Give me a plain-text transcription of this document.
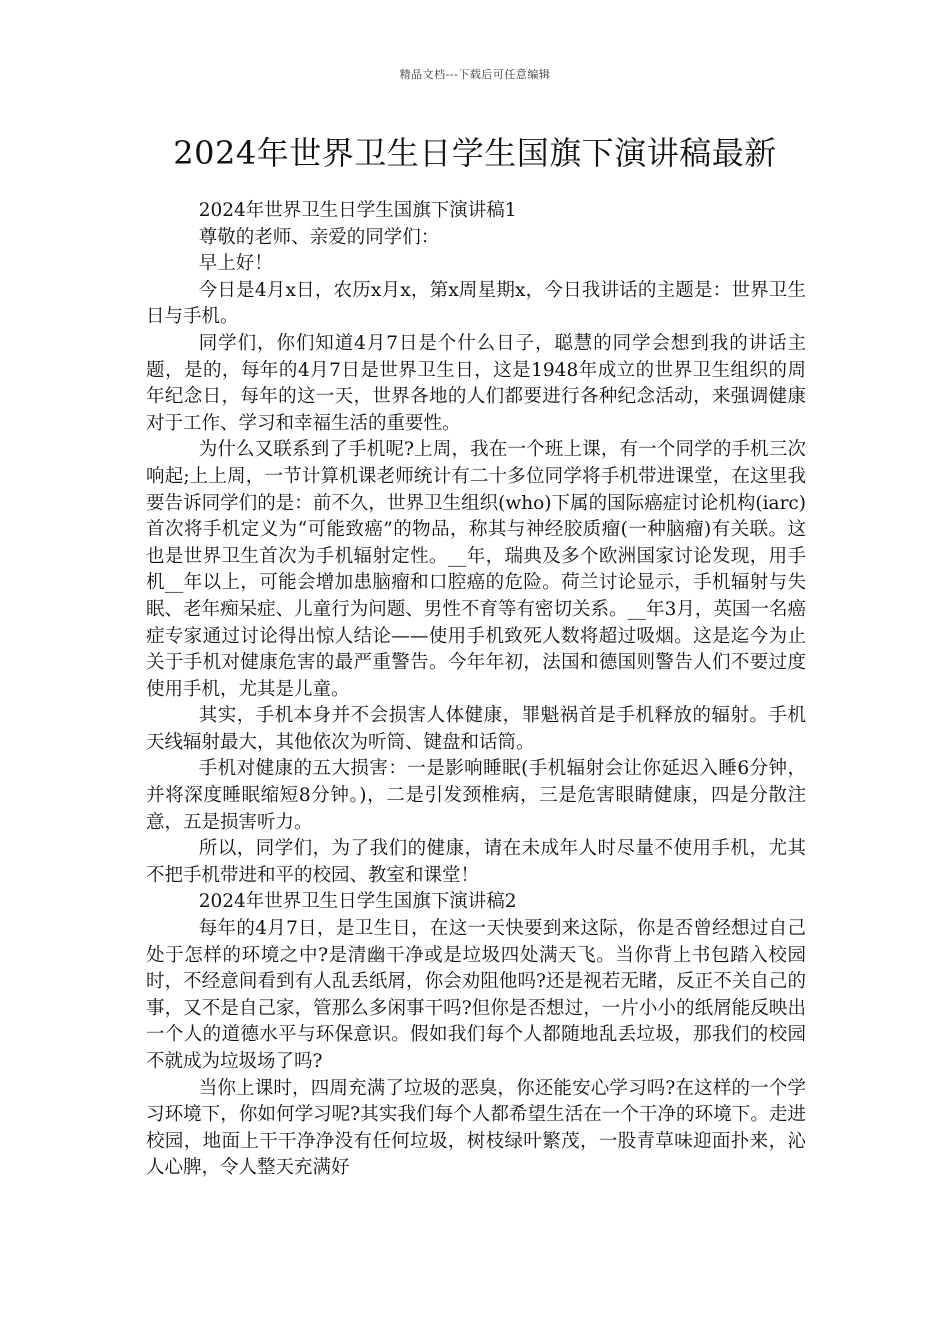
精品文档---下载后可任意编辑
2024年世界卫生日学生国旗下演讲稿最新

2024年世界卫生日学生国旗下演讲稿1

尊敬的老师、亲爱的同学们：

早上好！

今日是4月x日，农历x月x，第x周星期x，今日我讲话的主题是：世界卫生日与手机。

同学们，你们知道4月7日是个什么日子，聪慧的同学会想到我的讲话主题，是的，每年的4月7日是世界卫生日，这是1948年成立的世界卫生组织的周年纪念日，每年的这一天，世界各地的人们都要进行各种纪念活动，来强调健康对于工作、学习和幸福生活的重要性。

为什么又联系到了手机呢?上周，我在一个班上课，有一个同学的手机三次响起;上上周，一节计算机课老师统计有二十多位同学将手机带进课堂，在这里我要告诉同学们的是：前不久，世界卫生组织(who)下属的国际癌症讨论机构(iarc)首次将手机定义为“可能致癌”的物品，称其与神经胶质瘤(一种脑瘤)有关联。这也是世界卫生首次为手机辐射定性。__年，瑞典及多个欧洲国家讨论发现，用手机__年以上，可能会增加患脑瘤和口腔癌的危险。荷兰讨论显示，手机辐射与失眠、老年痴呆症、儿童行为问题、男性不育等有密切关系。__年3月，英国一名癌症专家通过讨论得出惊人结论——使用手机致死人数将超过吸烟。这是迄今为止关于手机对健康危害的最严重警告。今年年初，法国和德国则警告人们不要过度使用手机，尤其是儿童。

其实，手机本身并不会损害人体健康，罪魁祸首是手机释放的辐射。手机天线辐射最大，其他依次为听筒、键盘和话筒。

手机对健康的五大损害：一是影响睡眠(手机辐射会让你延迟入睡6分钟，并将深度睡眠缩短8分钟。)，二是引发颈椎病，三是危害眼睛健康，四是分散注意，五是损害听力。

所以，同学们，为了我们的健康，请在未成年人时尽量不使用手机，尤其不把手机带进和平的校园、教室和课堂！

2024年世界卫生日学生国旗下演讲稿2

每年的4月7日，是卫生日，在这一天快要到来这际，你是否曾经想过自己处于怎样的环境之中?是清幽干净或是垃圾四处满天飞。当你背上书包踏入校园时，不经意间看到有人乱丢纸屑，你会劝阻他吗?还是视若无睹，反正不关自己的事，又不是自己家，管那么多闲事干吗?但你是否想过，一片小小的纸屑能反映出一个人的道德水平与环保意识。假如我们每个人都随地乱丢垃圾，那我们的校园不就成为垃圾场了吗?

当你上课时，四周充满了垃圾的恶臭，你还能安心学习吗?在这样的一个学习环境下，你如何学习呢?其实我们每个人都希望生活在一个干净的环境下。走进校园，地面上干干净净没有任何垃圾，树枝绿叶繁茂，一股青草味迎面扑来，沁人心脾，令人整天充满好
